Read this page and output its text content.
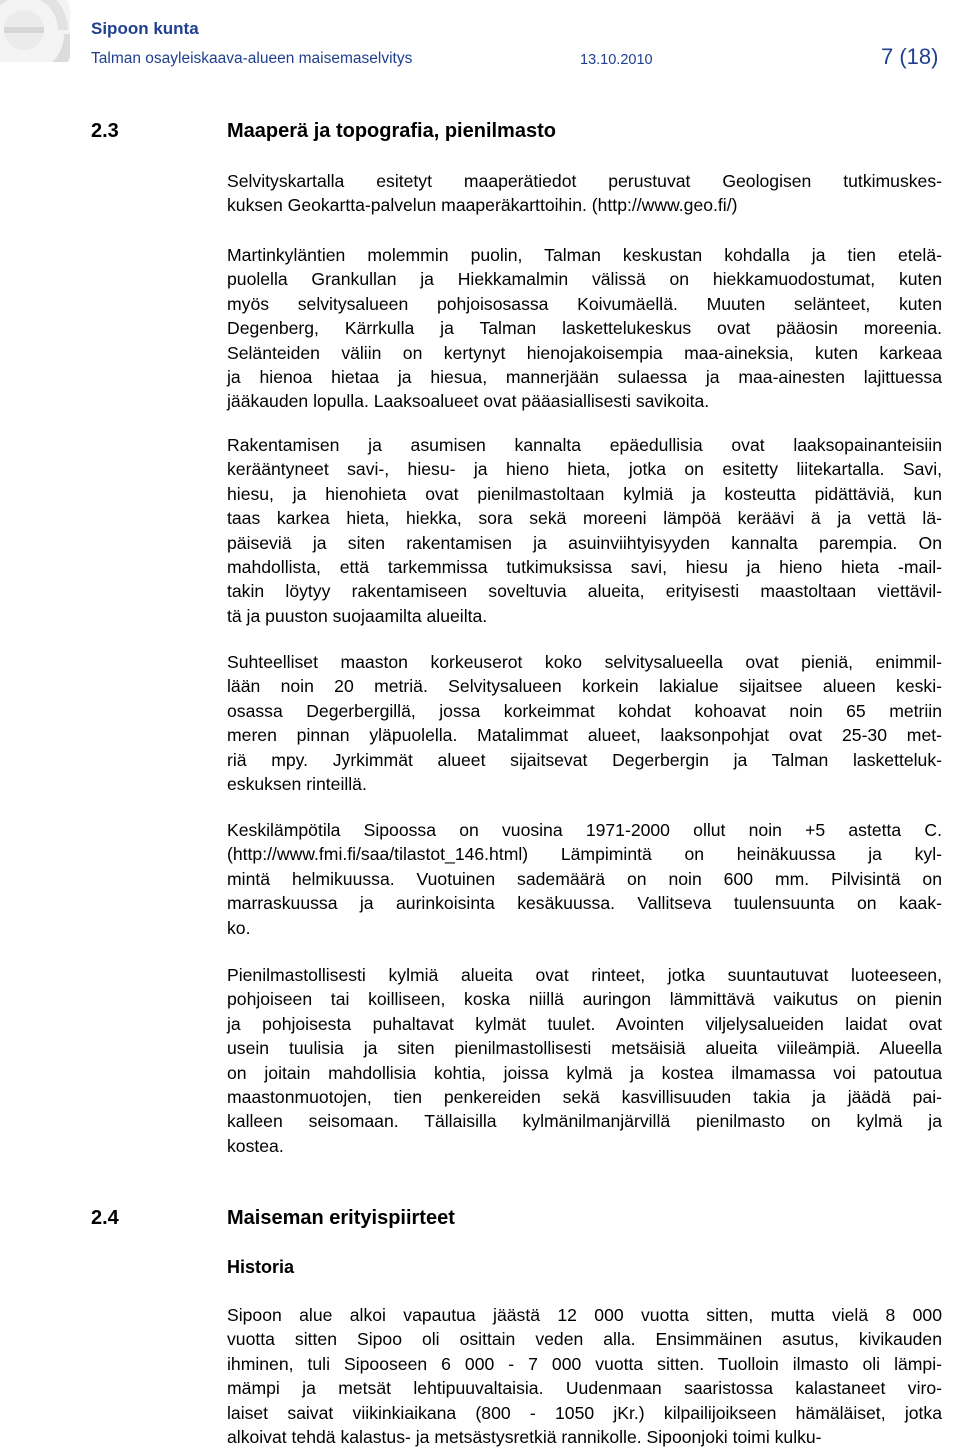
Sipoon kunta
Talman osayleiskaava-alueen maisemaselvitys	13.10.2010	7 (18)
2.3	Maaperä ja topografia, pienilmasto
Selvityskartalla esitetyt maaperätiedot perustuvat Geologisen tutkimuskes-
kuksen Geokartta-palvelun maaperäkarttoihin. (http://www.geo.fi/)
Martinkyläntien molemmin puolin, Talman keskustan kohdalla ja tien etelä-
puolella Grankullan ja Hiekkamalmin välissä on hiekkamuodostumat, kuten
myös selvitysalueen pohjoisosassa Koivumäellä. Muuten selänteet, kuten
Degenberg, Kärrkulla ja Talman laskettelukeskus ovat pääosin moreenia.
Selänteiden väliin on kertynyt hienojakoisempia maa-aineksia, kuten karkeaa
ja hienoa hietaa ja hiesua, mannerjään sulaessa ja maa-ainesten lajittuessa
jääkauden lopulla. Laaksoalueet ovat pääasiallisesti savikoita.
Rakentamisen ja asumisen kannalta epäedullisia ovat laaksopainanteisiin
kerääntyneet savi-, hiesu- ja hieno hieta, jotka on esitetty liitekartalla. Savi,
hiesu, ja hienohieta ovat pienilmastoltaan kylmiä ja kosteutta pidättäviä, kun
taas karkea hieta, hiekka, sora sekä moreeni lämpöä keräävi ä ja vettä lä-
päiseviä ja siten rakentamisen ja asuinviihtyisyyden kannalta parempia. On
mahdollista, että tarkemmissa tutkimuksissa savi, hiesu ja hieno hieta -mail-
takin löytyy rakentamiseen soveltuvia alueita, erityisesti maastoltaan viettävil-
tä ja puuston suojaamilta alueilta.
Suhteelliset maaston korkeuserot koko selvitysalueella ovat pieniä, enimmil-
lään noin 20 metriä. Selvitysalueen korkein lakialue sijaitsee alueen keski-
osassa Degerbergillä, jossa korkeimmat kohdat kohoavat noin 65 metriin
meren pinnan yläpuolella. Matalimmat alueet, laaksonpohjat ovat 25-30 met-
riä mpy. Jyrkimmät alueet sijaitsevat Degerbergin ja Talman lasketteluk-
eskuksen rinteillä.
Keskilämpötila Sipoossa on vuosina 1971-2000 ollut noin +5 astetta C.
(http://www.fmi.fi/saa/tilastot_146.html) Lämpimintä on heinäkuussa ja kyl-
mintä helmikuussa. Vuotuinen sademäärä on noin 600 mm. Pilvisintä on
marraskuussa ja aurinkoisinta kesäkuussa. Vallitseva tuulensuunta on kaak-
ko.
Pienilmastollisesti kylmiä alueita ovat rinteet, jotka suuntautuvat luoteeseen,
pohjoiseen tai koilliseen, koska niillä auringon lämmittävä vaikutus on pienin
ja pohjoisesta puhaltavat kylmät tuulet. Avointen viljelysalueiden laidat ovat
usein tuulisia ja siten pienilmastollisesti metsäisiä alueita viileämpiä. Alueella
on joitain mahdollisia kohtia, joissa kylmä ja kostea ilmamassa voi patoutua
maastonmuotojen, tien penkereiden sekä kasvillisuuden takia ja jäädä pai-
kalleen seisomaan. Tällaisilla kylmänilmanjärvillä pienilmasto on kylmä ja
kostea.
2.4	Maiseman erityispiirteet
Historia
Sipoon alue alkoi vapautua jäästä 12 000 vuotta sitten, mutta vielä 8 000
vuotta sitten Sipoo oli osittain veden alla. Ensimmäinen asutus, kivikauden
ihminen, tuli Sipooseen 6 000 - 7 000 vuotta sitten. Tuolloin ilmasto oli lämpi-
mämpi ja metsät lehtipuuvaltaisia. Uudenmaan saaristossa kalastaneet viro-
laiset saivat viikinkiaikana (800 - 1050 jKr.) kilpailijoikseen hämäläiset, jotka
alkoivat tehdä kalastus- ja metsästysretkiä rannikolle. Sipoonjoki toimi kulku-
